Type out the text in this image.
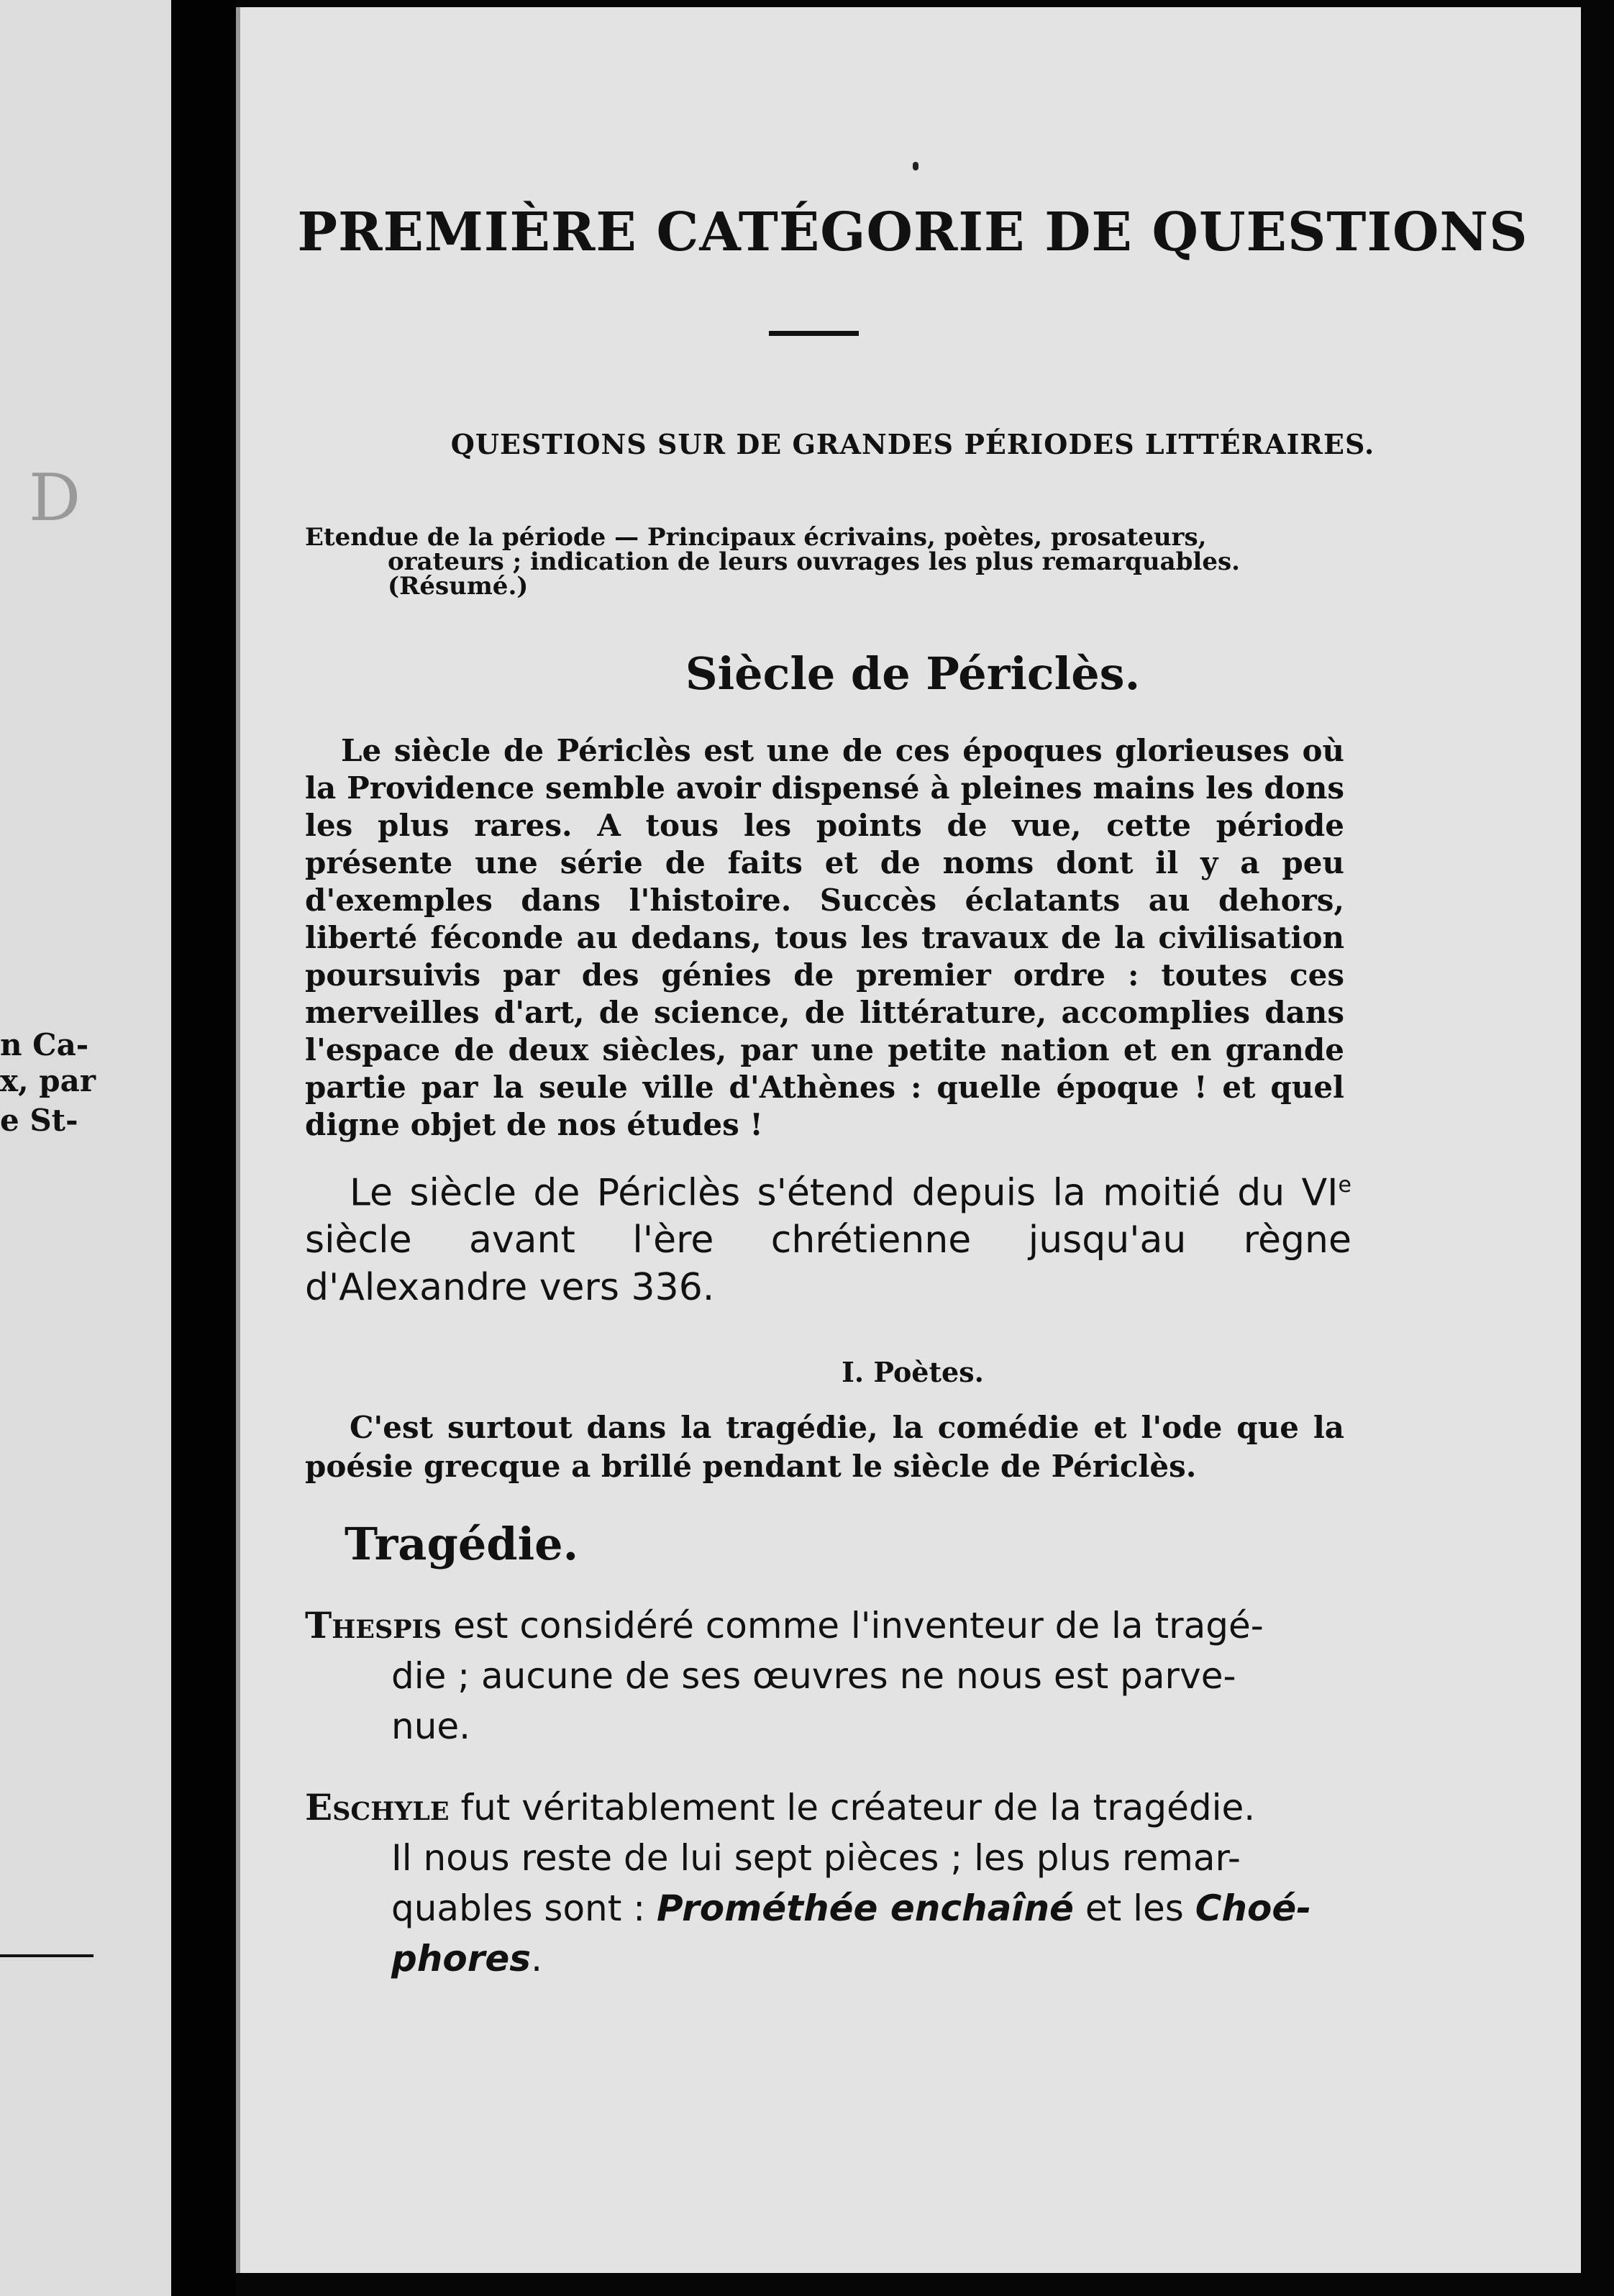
D
n Ca-
x, par
e St-
PREMIÈRE CATÉGORIE DE QUESTIONS
QUESTIONS SUR DE GRANDES PÉRIODES LITTÉRAIRES.
Etendue de la période — Principaux écrivains, poètes, prosateurs,
orateurs ; indication de leurs ouvrages les plus remarquables.
(Résumé.)
Siècle de Périclès.
Le siècle de Périclès est une de ces époques glorieuses où la Providence semble avoir dispensé à pleines mains les dons les plus rares. A tous les points de vue, cette période présente une série de faits et de noms dont il y a peu d'exemples dans l'histoire. Succès éclatants au dehors, liberté féconde au dedans, tous les travaux de la civilisation poursuivis par des génies de premier ordre : toutes ces merveilles d'art, de science, de littérature, accomplies dans l'espace de deux siècles, par une petite nation et en grande partie par la seule ville d'Athènes : quelle époque ! et quel digne objet de nos études !
Le siècle de Périclès s'étend depuis la moitié du VIe siècle avant l'ère chrétienne jusqu'au règne d'Alexandre vers 336.
I. Poètes.
C'est surtout dans la tragédie, la comédie et l'ode que la poésie grecque a brillé pendant le siècle de Périclès.
Tragédie.
Thespis est considéré comme l'inventeur de la tragé-
die ; aucune de ses œuvres ne nous est parve-
nue.
Eschyle fut véritablement le créateur de la tragédie.
Il nous reste de lui sept pièces ; les plus remar-
quables sont : Prométhée enchaîné et les Choé-
phores.
